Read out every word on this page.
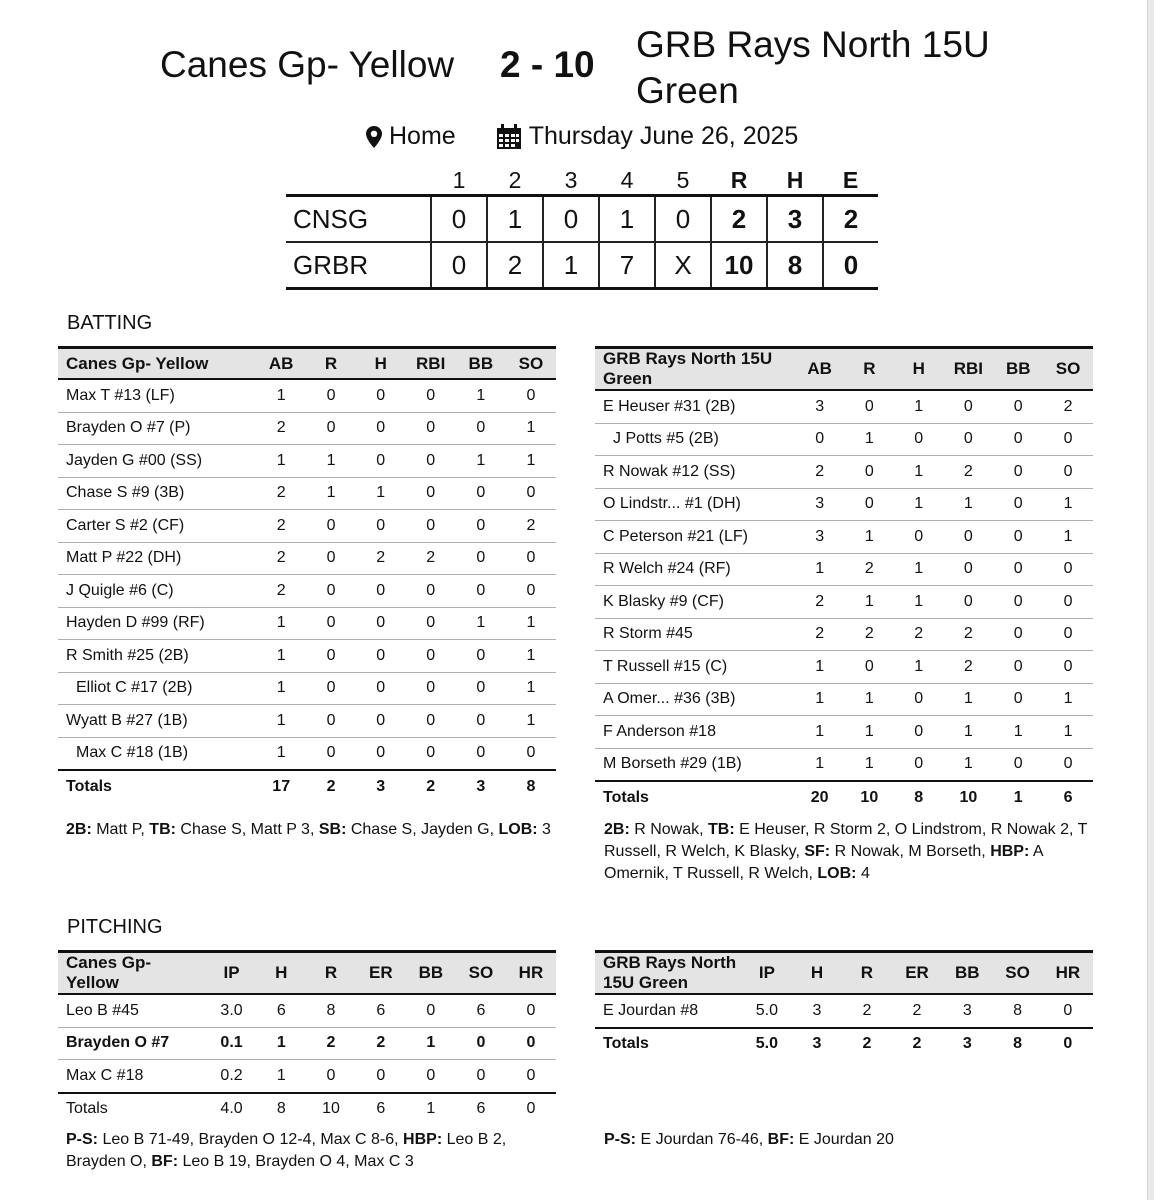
Canes Gp- Yellow 2 - 10 GRB Rays North 15U Green
Home	Thursday June 26, 2025
	1	2	3	4	5	R	H	E
CNSG	0	1	0	1	0	2	3	2
GRBR	0	2	1	7	X	10	8	0
BATTING
Canes Gp- Yellow	AB	R	H	RBI	BB	SO
Max T #13 (LF)	1	0	0	0	1	0
Brayden O #7 (P)	2	0	0	0	0	1
Jayden G #00 (SS)	1	1	0	0	1	1
Chase S #9 (3B)	2	1	1	0	0	0
Carter S #2 (CF)	2	0	0	0	0	2
Matt P #22 (DH)	2	0	2	2	0	0
J Quigle #6 (C)	2	0	0	0	0	0
Hayden D #99 (RF)	1	0	0	0	1	1
R Smith #25 (2B)	1	0	0	0	0	1
Elliot C #17 (2B)	1	0	0	0	0	1
Wyatt B #27 (1B)	1	0	0	0	0	1
Max C #18 (1B)	1	0	0	0	0	0
Totals	17	2	3	2	3	8
GRB Rays North 15U Green	AB	R	H	RBI	BB	SO
E Heuser #31 (2B)	3	0	1	0	0	2
J Potts #5 (2B)	0	1	0	0	0	0
R Nowak #12 (SS)	2	0	1	2	0	0
O Lindstr... #1 (DH)	3	0	1	1	0	1
C Peterson #21 (LF)	3	1	0	0	0	1
R Welch #24 (RF)	1	2	1	0	0	0
K Blasky #9 (CF)	2	1	1	0	0	0
R Storm #45	2	2	2	2	0	0
T Russell #15 (C)	1	0	1	2	0	0
A Omer... #36 (3B)	1	1	0	1	0	1
F Anderson #18	1	1	0	1	1	1
M Borseth #29 (1B)	1	1	0	1	0	0
Totals	20	10	8	10	1	6
2B: Matt P, TB: Chase S, Matt P 3, SB: Chase S, Jayden G, LOB: 3	2B: R Nowak, TB: E Heuser, R Storm 2, O Lindstrom, R Nowak 2, T Russell, R Welch, K Blasky, SF: R Nowak, M Borseth, HBP: A Omernik, T Russell, R Welch, LOB: 4
PITCHING
Canes Gp- Yellow	IP	H	R	ER	BB	SO	HR
Leo B #45	3.0	6	8	6	0	6	0
Brayden O #7	0.1	1	2	2	1	0	0
Max C #18	0.2	1	0	0	0	0	0
Totals	4.0	8	10	6	1	6	0
GRB Rays North 15U Green	IP	H	R	ER	BB	SO	HR
E Jourdan #8	5.0	3	2	2	3	8	0
Totals	5.0	3	2	2	3	8	0
P-S: Leo B 71-49, Brayden O 12-4, Max C 8-6, HBP: Leo B 2, Brayden O, BF: Leo B 19, Brayden O 4, Max C 3
P-S: E Jourdan 76-46, BF: E Jourdan 20
